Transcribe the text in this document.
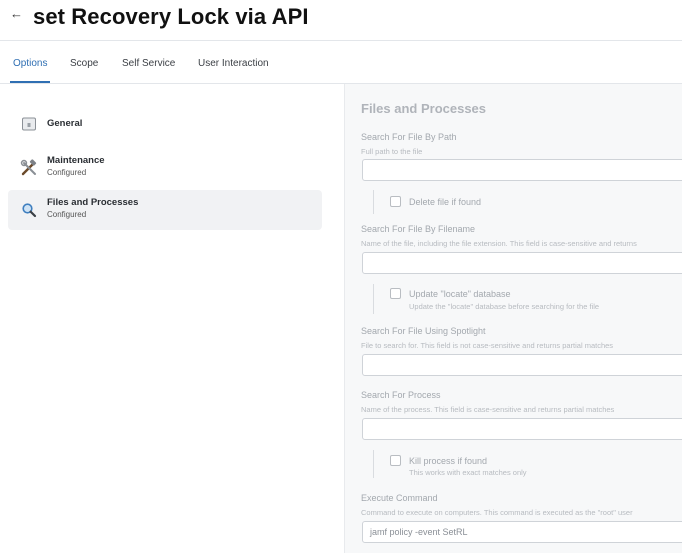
← set Recovery Lock via API
Options Scope Self Service User Interaction
General
Maintenance
Configured
Files and Processes
Configured
Files and Processes
Search For File By Path
Full path to the file
Delete file if found
Search For File By Filename
Name of the file, including the file extension. This field is case-sensitive and returns
Update "locate" database
Update the "locate" database before searching for the file
Search For File Using Spotlight
File to search for. This field is not case-sensitive and returns partial matches
Search For Process
Name of the process. This field is case-sensitive and returns partial matches
Kill process if found
This works with exact matches only
Execute Command
Command to execute on computers. This command is executed as the "root" user
jamf policy -event SetRL
